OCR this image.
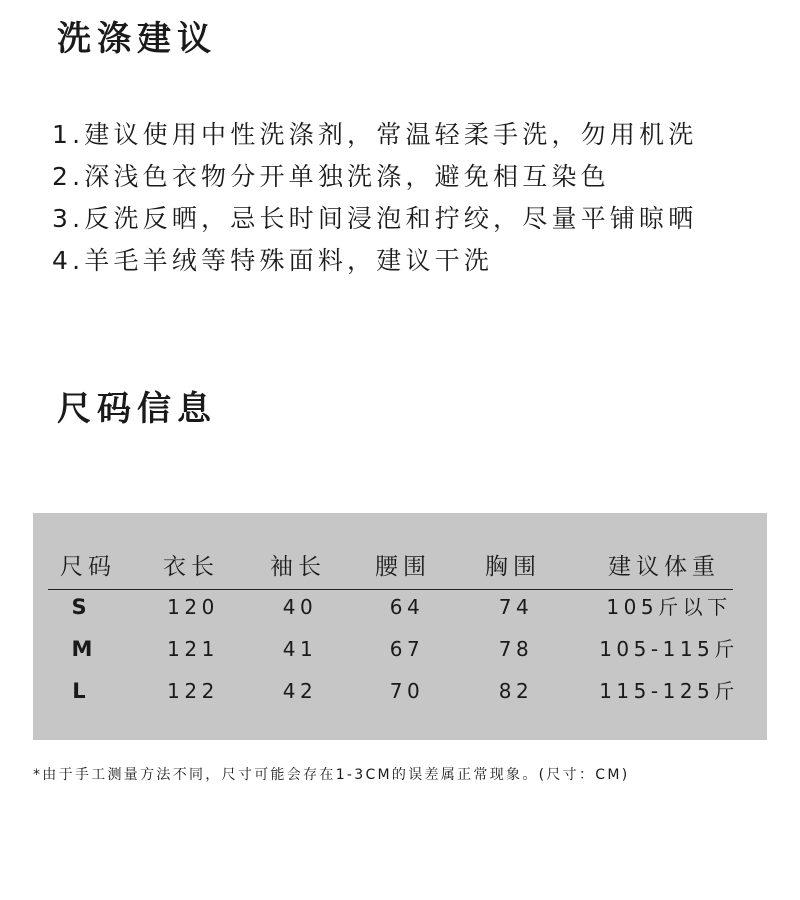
洗涤建议
1.建议使用中性洗涤剂，常温轻柔手洗，勿用机洗
2.深浅色衣物分开单独洗涤，避免相互染色
3.反洗反晒，忌长时间浸泡和拧绞，尽量平铺晾晒
4.羊毛羊绒等特殊面料，建议干洗
尺码信息
尺码 衣长 袖长 腰围 胸围	建议体重
S	120	40	64	74	105斤以下
M	121	41	67	78	105-115斤
L	122	42	70	82	115-125斤

*由于手工测量方法不同，尺寸可能会存在1-3CM的误差属正常现象。(尺寸：CM)
